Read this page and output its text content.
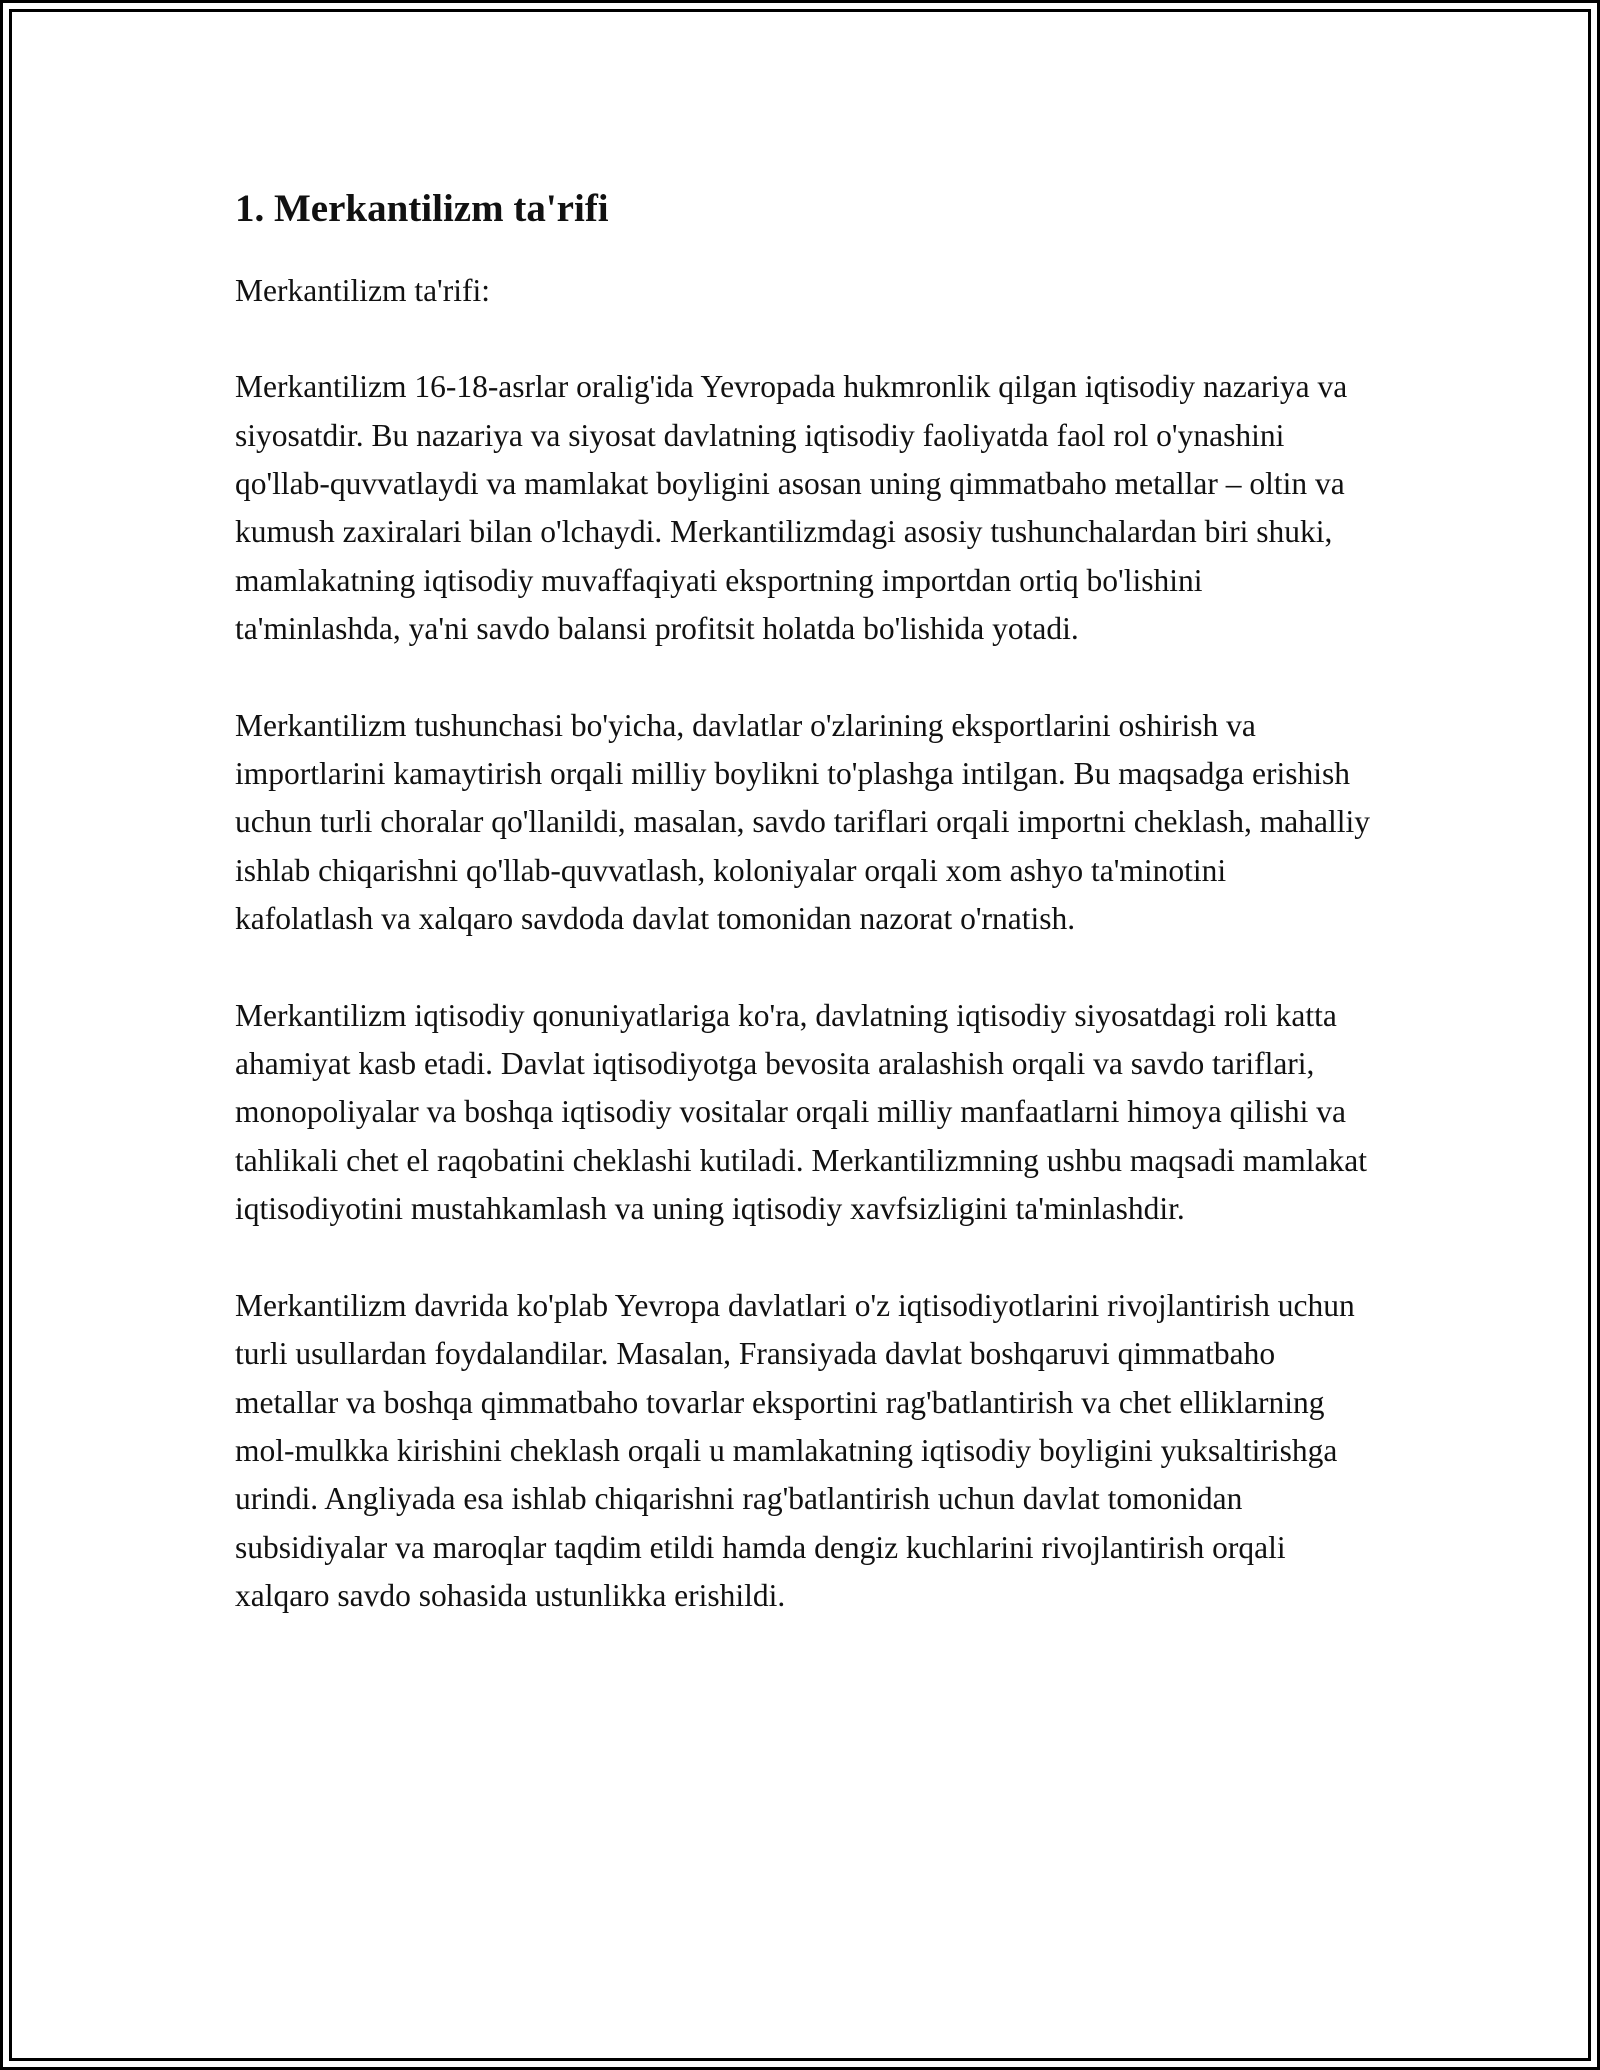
1. Merkantilizm ta'rifi

Merkantilizm ta'rifi:

Merkantilizm 16-18-asrlar oralig'ida Yevropada hukmronlik qilgan iqtisodiy nazariya va siyosatdir. Bu nazariya va siyosat davlatning iqtisodiy faoliyatda faol rol o'ynashini qo'llab-quvvatlaydi va mamlakat boyligini asosan uning qimmatbaho metallar – oltin va kumush zaxiralari bilan o'lchaydi. Merkantilizmdagi asosiy tushunchalardan biri shuki, mamlakatning iqtisodiy muvaffaqiyati eksportning importdan ortiq bo'lishini ta'minlashda, ya'ni savdo balansi profitsit holatda bo'lishida yotadi.

Merkantilizm tushunchasi bo'yicha, davlatlar o'zlarining eksportlarini oshirish va importlarini kamaytirish orqali milliy boylikni to'plashga intilgan. Bu maqsadga erishish uchun turli choralar qo'llanildi, masalan, savdo tariflari orqali importni cheklash, mahalliy ishlab chiqarishni qo'llab-quvvatlash, koloniyalar orqali xom ashyo ta'minotini kafolatlash va xalqaro savdoda davlat tomonidan nazorat o'rnatish.

Merkantilizm iqtisodiy qonuniyatlariga ko'ra, davlatning iqtisodiy siyosatdagi roli katta ahamiyat kasb etadi. Davlat iqtisodiyotga bevosita aralashish orqali va savdo tariflari, monopoliyalar va boshqa iqtisodiy vositalar orqali milliy manfaatlarni himoya qilishi va tahlikali chet el raqobatini cheklashi kutiladi. Merkantilizmning ushbu maqsadi mamlakat iqtisodiyotini mustahkamlash va uning iqtisodiy xavfsizligini ta'minlashdir.

Merkantilizm davrida ko'plab Yevropa davlatlari o'z iqtisodiyotlarini rivojlantirish uchun turli usullardan foydalandilar. Masalan, Fransiyada davlat boshqaruvi qimmatbaho metallar va boshqa qimmatbaho tovarlar eksportini rag'batlantirish va chet elliklarning mol-mulkka kirishini cheklash orqali u mamlakatning iqtisodiy boyligini yuksaltirishga urindi. Angliyada esa ishlab chiqarishni rag'batlantirish uchun davlat tomonidan subsidiyalar va maroqlar taqdim etildi hamda dengiz kuchlarini rivojlantirish orqali xalqaro savdo sohasida ustunlikka erishildi.
